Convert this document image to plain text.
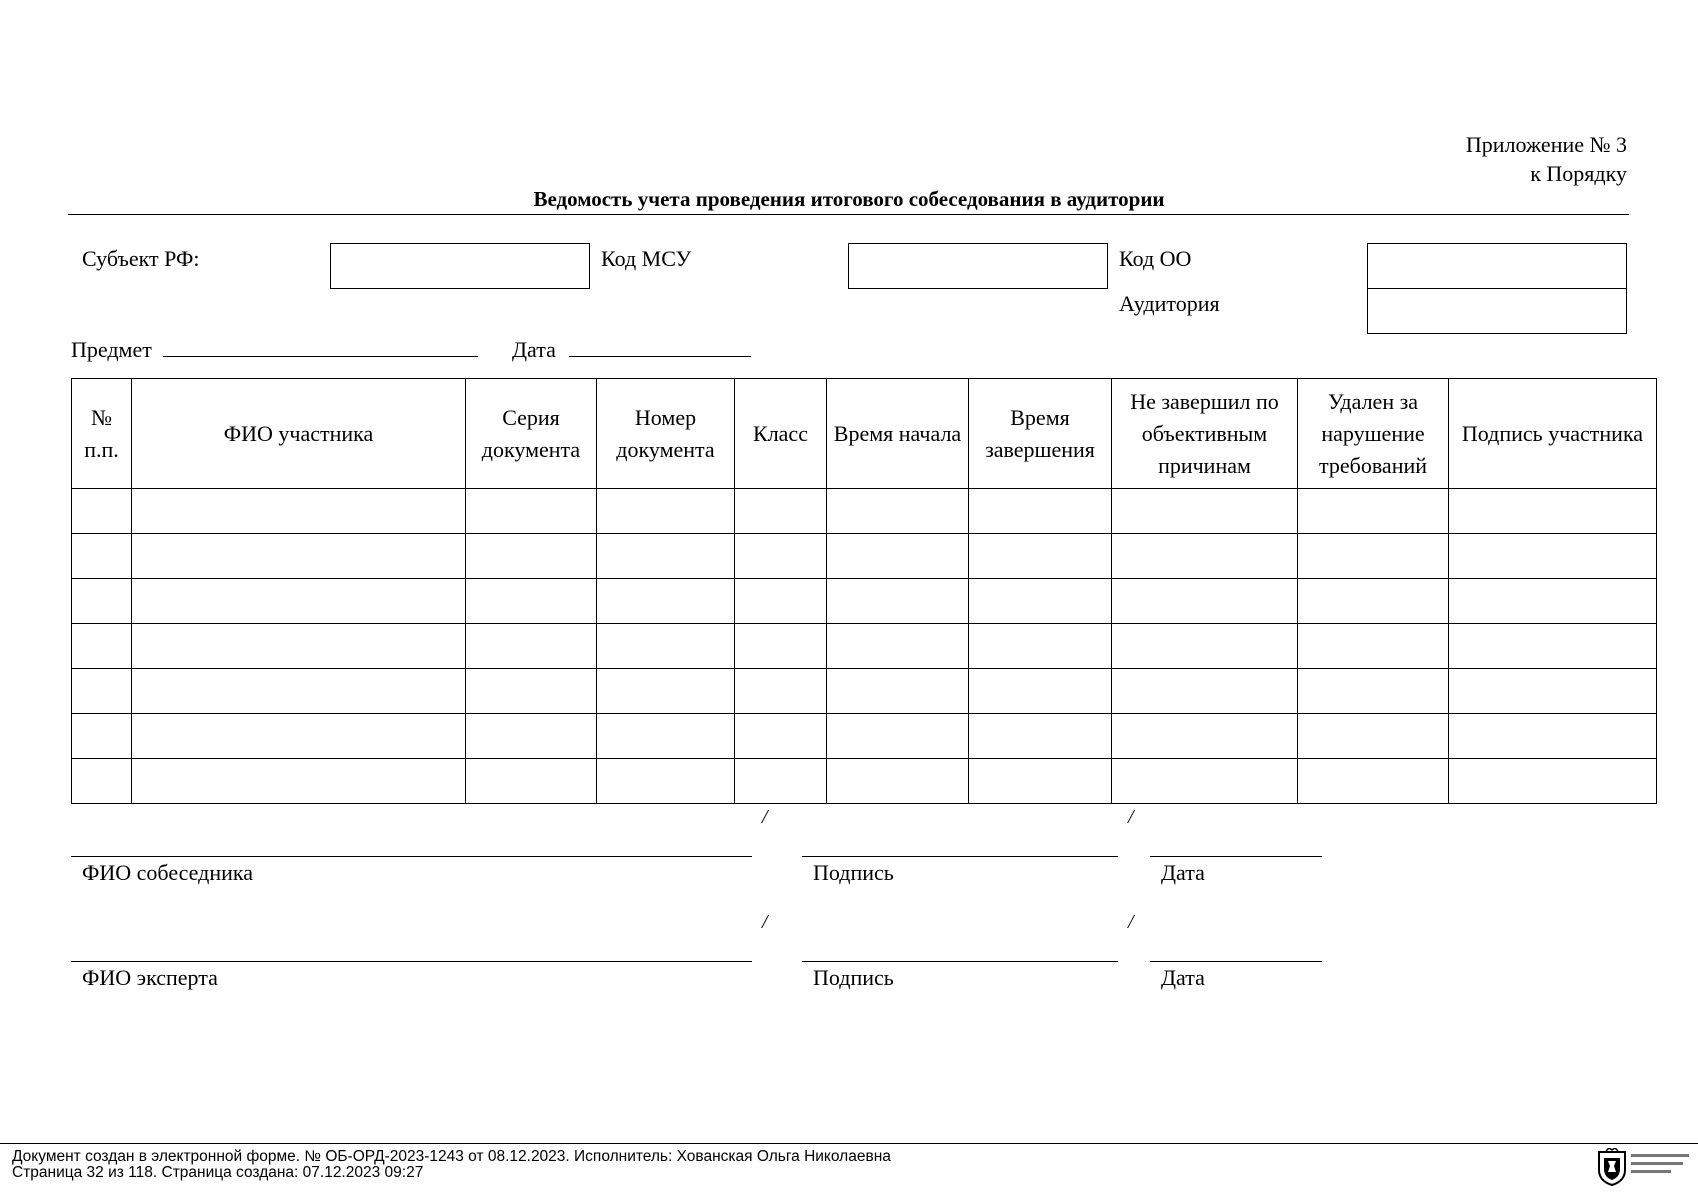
Приложение № 3
к Порядку
Ведомость учета проведения итогового собеседования в аудитории
Субъект РФ:	Код МСУ	Код ОО
Аудитория
Предмет	Дата
№ п.п.	ФИО участника	Серия документа	Номер документа	Класс	Время начала	Время завершения	Не завершил по объективным причинам	Удален за нарушение требований	Подпись участника

/	/
ФИО собеседника	Подпись	Дата
/	/
ФИО эксперта	Подпись	Дата
Документ создан в электронной форме. № ОБ-ОРД-2023-1243 от 08.12.2023. Исполнитель: Хованская Ольга Николаевна
Страница 32 из 118. Страница создана: 07.12.2023 09:27
